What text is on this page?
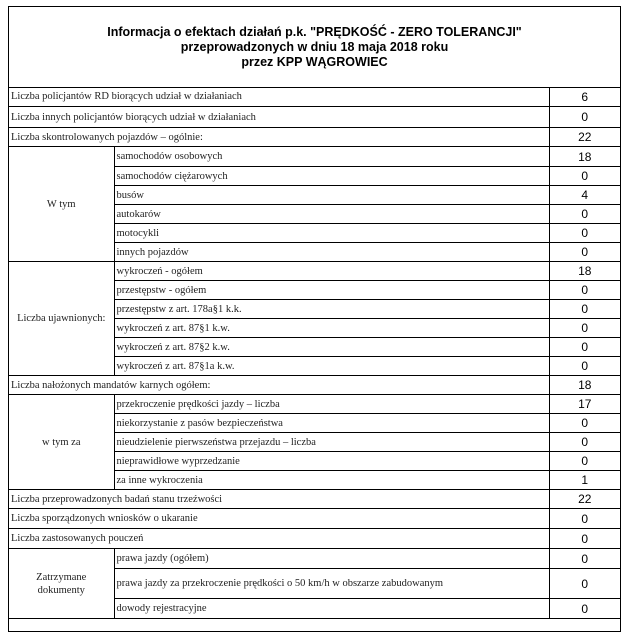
Informacja o efektach działań p.k. "PRĘDKOŚĆ - ZERO TOLERANCJI"
przeprowadzonych w dniu 18 maja 2018 roku
przez KPP WĄGROWIEC
Liczba policjantów RD biorących udział w działaniach		6
Liczba innych policjantów biorących udział w działaniach		0
Liczba skontrolowanych pojazdów – ogólnie:		22
W tym	samochodów osobowych	18
	samochodów ciężarowych	0
	busów	4
	autokarów	0
	motocykli	0
	innych pojazdów	0
Liczba ujawnionych:	wykroczeń - ogółem	18
	przestępstw - ogółem	0
	przestępstw z art. 178a§1 k.k.	0
	wykroczeń z art. 87§1 k.w.	0
	wykroczeń z art. 87§2 k.w.	0
	wykroczeń z art. 87§1a k.w.	0
Liczba nałożonych mandatów karnych ogółem:		18
w tym za	przekroczenie prędkości jazdy – liczba	17
	niekorzystanie z pasów bezpieczeństwa	0
	nieudzielenie pierwszeństwa przejazdu – liczba	0
	nieprawidłowe wyprzedzanie	0
	za inne wykroczenia	1
Liczba przeprowadzonych badań stanu trzeźwości		22
Liczba sporządzonych wniosków o ukaranie		0
Liczba zastosowanych pouczeń		0
Zatrzymane
dokumenty	prawa jazdy (ogółem)	0
	prawa jazdy za przekroczenie prędkości o 50 km/h w obszarze zabudowanym	0
	dowody rejestracyjne	0
